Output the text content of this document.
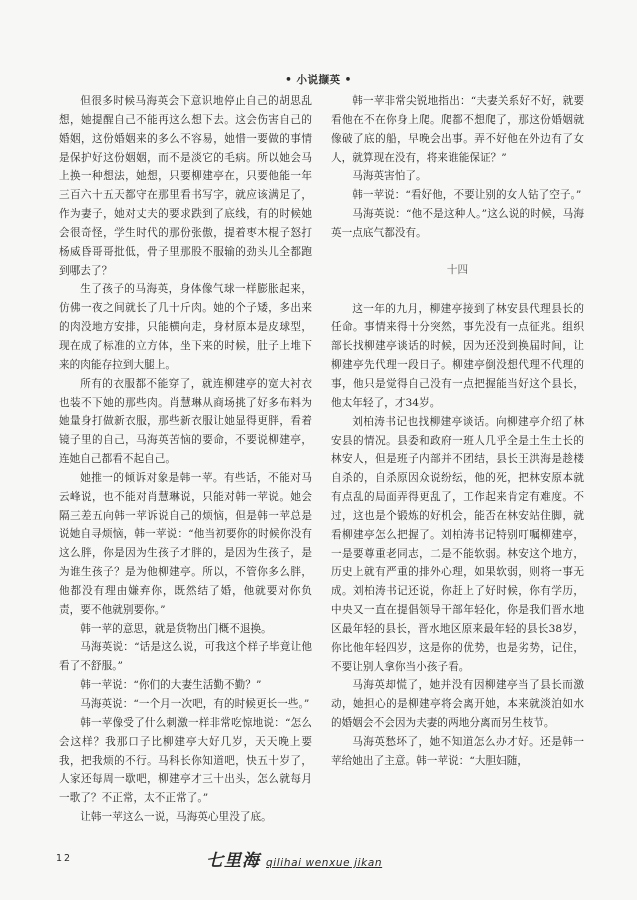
• 小说撷英 •

但很多时候马海英会下意识地停止自己的胡思乱想，她提醒自己不能再这么想下去。这会伤害自己的婚姻，这份婚姻来的多么不容易，她惜一要做的事情是保护好这份姻姻，而不是淡它的毛病。所以她会马上换一种想法，她想，只要柳建亭在，只要他能一年三百六十五天都守在那里看书写字，就应该满足了，作为妻子，她对丈夫的要求跌到了底线，有的时候她会很奇怪，学生时代的那份张傲，提着枣木棍子怒打杨威昏哥哥批低，骨子里那股不服输的劲头儿全都跑到哪去了？

生了孩子的马海英，身体像气球一样膨胀起来，仿佛一夜之间就长了几十斤肉。她的个子矮，多出来的肉没地方安排，只能横向走，身材原本是皮球型，现在成了标准的立方体，坐下来的时候，肚子上堆下来的肉能存拉到大腿上。

所有的衣服都不能穿了，就连柳建亭的宽大衬衣也装不下她的那些肉。肖慧琳从商场挑了好多布料为她量身打做新衣服，那些新衣服让她显得更胖，看着镜子里的自己，马海英苦恼的要命，不要说柳建亭，连她自己都看不起自己。

她推一的倾诉对象是韩一苹。有些话，不能对马云峰说，也不能对肖慧琳说，只能对韩一苹说。她会隔三差五向韩一苹诉说自己的烦恼，但是韩一苹总是说她自寻烦恼，韩一苹说：“他当初要你的时候你没有这么胖，你是因为生孩子才胖的，是因为生孩子，是为谁生孩子？是为他柳建亭。所以，不管你多么胖，他都没有理由嫌弃你，既然结了婚，他就要对你负责，要不他就别要你。”

韩一苹的意思，就是货物出门概不退换。

马海英说：“话是这么说，可我这个样子毕竟让他看了不舒服。”

韩一苹说：“你们的大妻生活勤不勤？”

马海英说：“一个月一次吧，有的时候更长一些。”

韩一苹像受了什么刺激一样非常吃惊地说：“怎么会这样？我那口子比柳建亭大好几岁，天天晚上要我，把我烦的不行。马科长你知道吧，快五十岁了，人家还每周一歇吧，柳建亭才三十出头，怎么就每月一歌了？不正常，太不正常了。”

让韩一苹这么一说，马海英心里没了底。

韩一苹非常尖锐地指出：“夫妻关系好不好，就要看他在不在你身上爬。爬都不想爬了，那这份婚姻就像破了底的船，早晚会出事。弄不好他在外边有了女人，就算现在没有，将来谁能保证？”

马海英害怕了。

韩一苹说：“看好他，不要让别的女人钻了空子。”

马海英说：“他不是这种人。”这么说的时候，马海英一点底气都没有。

十四

这一年的九月，柳建亭接到了林安县代理县长的任命。事情来得十分突然，事先没有一点征兆。组织部长找柳建亭谈话的时候，因为还没到换届时间，让柳建亭先代理一段日子。柳建亭倒没想代理不代理的事，他只是觉得自己没有一点把握能当好这个县长，他太年轻了，才34岁。

刘柏涛书记也找柳建亭谈话。向柳建亭介绍了林安县的情况。县委和政府一班人几乎全是土生土长的林安人，但是班子内部并不团结，县长王洪海是趁楼自杀的，自杀原因众说纷纭，他的死，把林安原本就有点乱的局面弄得更乱了，工作起来肯定有难度。不过，这也是个锻炼的好机会，能否在林安站住脚，就看柳建亭怎么把握了。刘柏涛书记特别叮嘱柳建亭，一是要尊重老同志，二是不能软弱。林安这个地方，历史上就有严重的排外心理，如果软弱，则将一事无成。刘柏涛书记还说，你赶上了好时候，你有学历，中央又一直在提倡领导干部年轻化，你是我们晋水地区最年轻的县长，晋水地区原来最年轻的县长38岁，你比他年轻四岁，这是你的优势，也是劣势，记住，不要让别人拿你当小孩子看。

马海英却慌了，她并没有因柳建亭当了县长而激动，她担心的是柳建亭将会离开她，本来就淡泊如水的婚姻会不会因为夫妻的两地分离而另生枝节。

马海英愁坏了，她不知道怎么办才好。还是韩一苹给她出了主意。韩一苹说：“大胆妇随，

12	七里海 qilihai wenxue jikan
